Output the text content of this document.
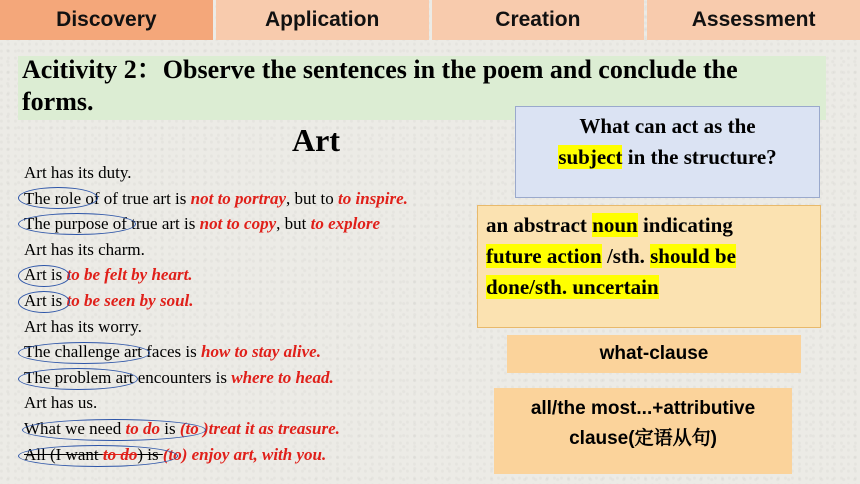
Discovery	Application	Creation	Assessment
Acitivity 2：Observe the sentences in the poem and conclude the forms.
Art
Art has its duty.
The role of of true art is not to portray, but to to inspire.
The purpose of true art is not to copy, but to explore
Art has its charm.
Art is to be felt by heart.
Art is to be seen by soul.
Art has its worry.
The challenge art faces is how to stay alive.
The problem art encounters is where to head.
Art has us.
What we need to do is (to )treat it as treasure.
All (I want to do) is (to) enjoy art, with you.
What can act as the
subject in the structure?
an abstract noun indicating
future action /sth. should be
done/sth. uncertain
what-clause
all/the most...+attributive
clause(定语从句)
